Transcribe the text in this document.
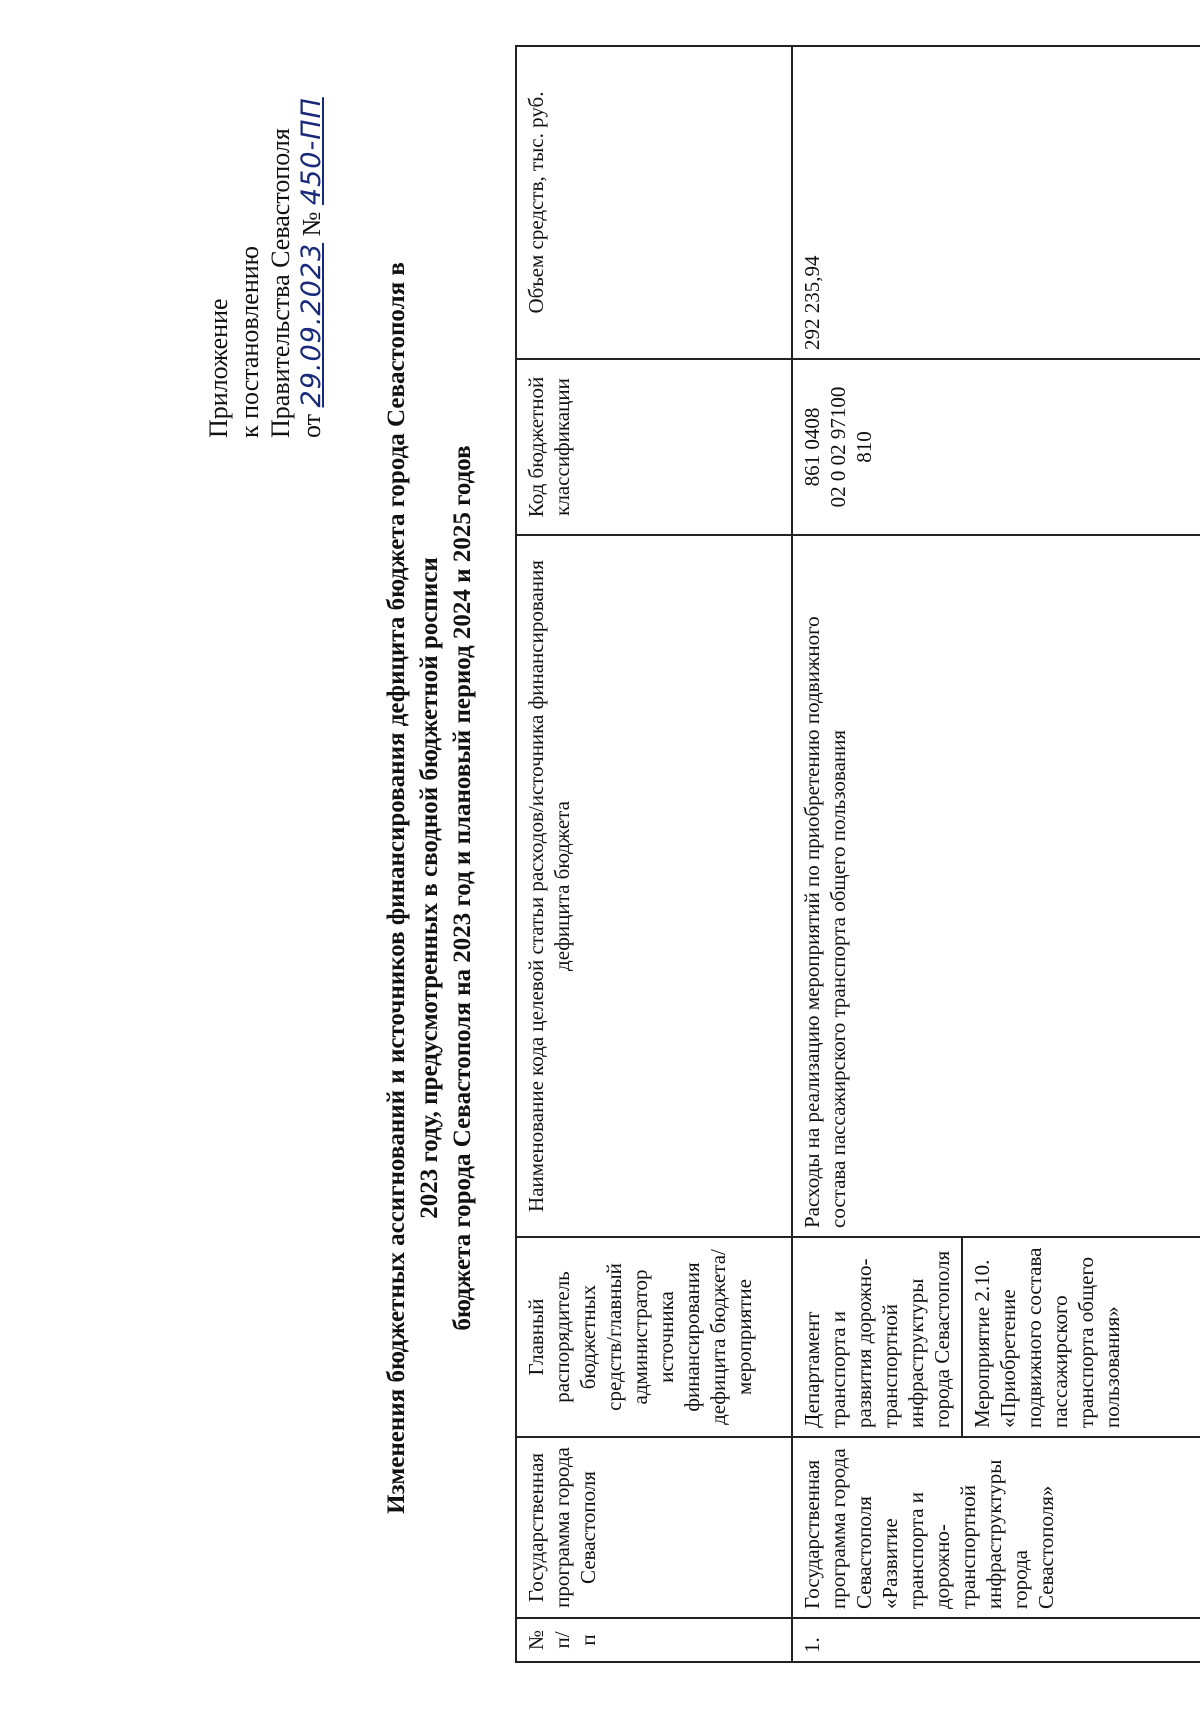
Приложение к постановлению Правительства Севастополя от 29.09.2023 № 450-ПП
Изменения бюджетных ассигнований и источников финансирования дефицита бюджета города Севастополя в 2023 году, предусмотренных в сводной бюджетной росписи бюджета города Севастополя на 2023 год и плановый период 2024 и 2025 годов
№ п/п	Государственная программа города Севастополя	Главный распорядитель бюджетных средств/главный администратор источника финансирования дефицита бюджета/ мероприятие	Наименование кода целевой статьи расходов/источника финансирования дефицита бюджета	Код бюджетной классификации	Объем средств, тыс. руб.
1.	Государственная программа города Севастополя «Развитие транспорта и дорожно-транспортной инфраструктуры города Севастополя»	Департамент транспорта и развития дорожно-транспортной инфраструктуры города Севастополя	Расходы на реализацию мероприятий по приобретению подвижного состава пассажирского транспорта общего пользования	861 0408 02 0 02 97100 810	292 235,94
		Мероприятие 2.10. «Приобретение подвижного состава пассажирского транспорта общего пользования»			
